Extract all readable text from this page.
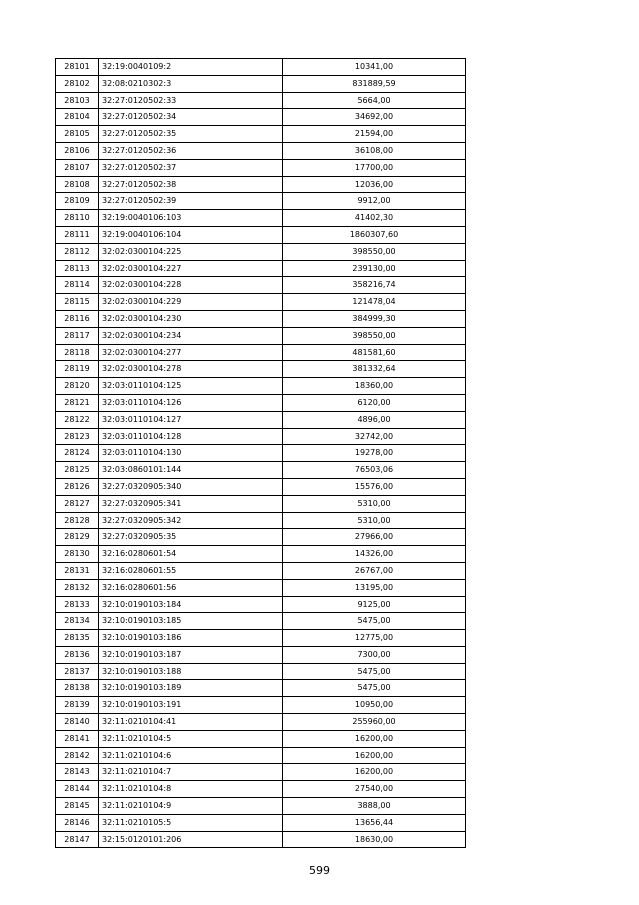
28101	32:19:0040109:2	10341,00
28102	32:08:0210302:3	831889,59
28103	32:27:0120502:33	5664,00
28104	32:27:0120502:34	34692,00
28105	32:27:0120502:35	21594,00
28106	32:27:0120502:36	36108,00
28107	32:27:0120502:37	17700,00
28108	32:27:0120502:38	12036,00
28109	32:27:0120502:39	9912,00
28110	32:19:0040106:103	41402,30
28111	32:19:0040106:104	1860307,60
28112	32:02:0300104:225	398550,00
28113	32:02:0300104:227	239130,00
28114	32:02:0300104:228	358216,74
28115	32:02:0300104:229	121478,04
28116	32:02:0300104:230	384999,30
28117	32:02:0300104:234	398550,00
28118	32:02:0300104:277	481581,60
28119	32:02:0300104:278	381332,64
28120	32:03:0110104:125	18360,00
28121	32:03:0110104:126	6120,00
28122	32:03:0110104:127	4896,00
28123	32:03:0110104:128	32742,00
28124	32:03:0110104:130	19278,00
28125	32:03:0860101:144	76503,06
28126	32:27:0320905:340	15576,00
28127	32:27:0320905:341	5310,00
28128	32:27:0320905:342	5310,00
28129	32:27:0320905:35	27966,00
28130	32:16:0280601:54	14326,00
28131	32:16:0280601:55	26767,00
28132	32:16:0280601:56	13195,00
28133	32:10:0190103:184	9125,00
28134	32:10:0190103:185	5475,00
28135	32:10:0190103:186	12775,00
28136	32:10:0190103:187	7300,00
28137	32:10:0190103:188	5475,00
28138	32:10:0190103:189	5475,00
28139	32:10:0190103:191	10950,00
28140	32:11:0210104:41	255960,00
28141	32:11:0210104:5	16200,00
28142	32:11:0210104:6	16200,00
28143	32:11:0210104:7	16200,00
28144	32:11:0210104:8	27540,00
28145	32:11:0210104:9	3888,00
28146	32:11:0210105:5	13656,44
28147	32:15:0120101:206	18630,00
599
